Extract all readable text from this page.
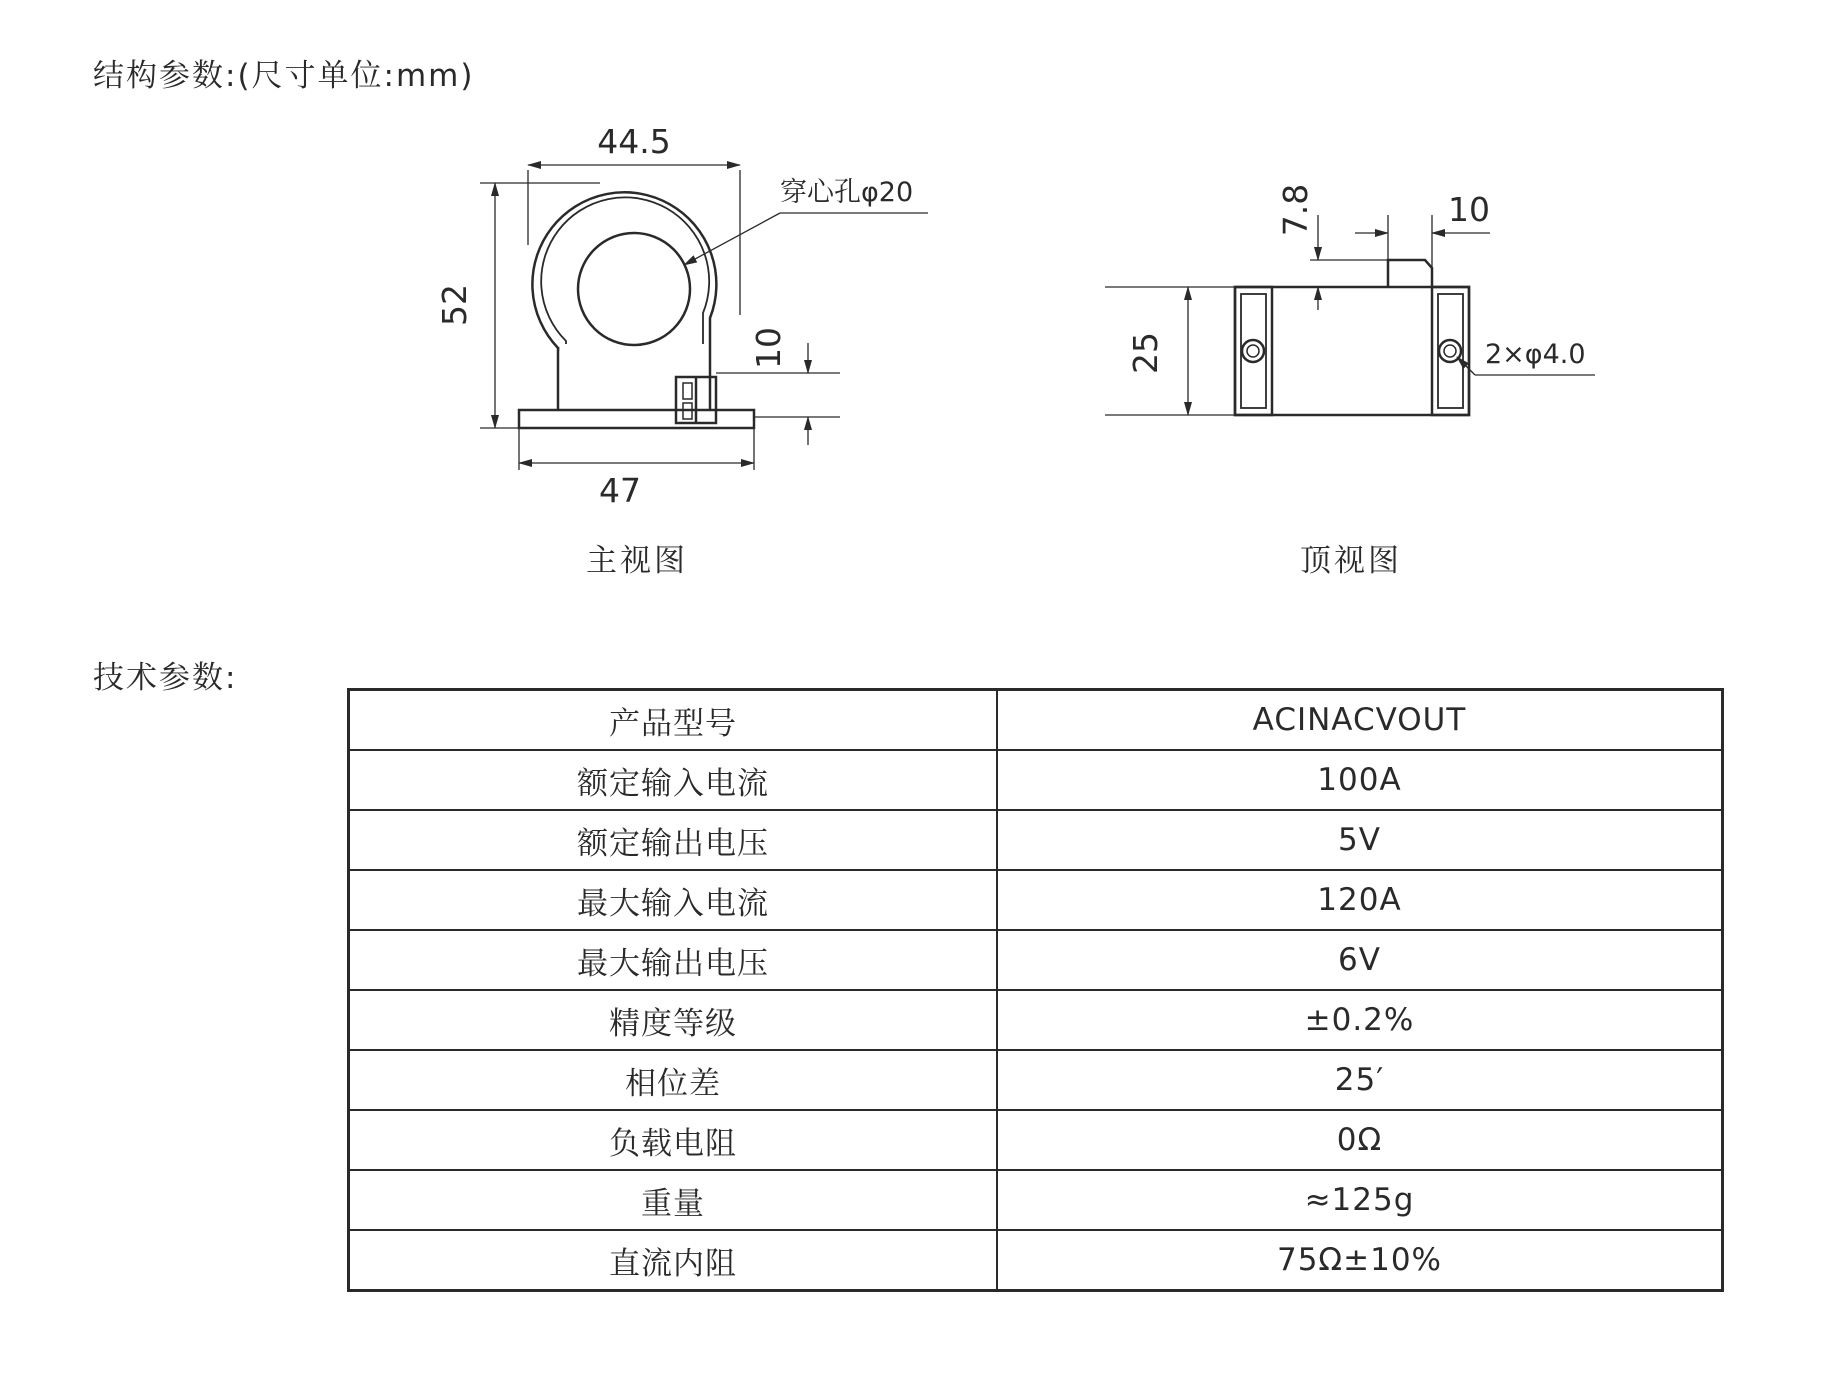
结构参数:(尺寸单位:mm)
44.5
52
47
10
穿心孔φ20
主视图
25
7.8	10
2×φ4.0
顶视图
技术参数:
产品型号	ACINACVOUT
额定输入电流	100A
额定输出电压	5V
最大输入电流	120A
最大输出电压	6V
精度等级	±0.2%
相位差	25′
负载电阻	0Ω
重量	≈125g
直流内阻	75Ω±10%
